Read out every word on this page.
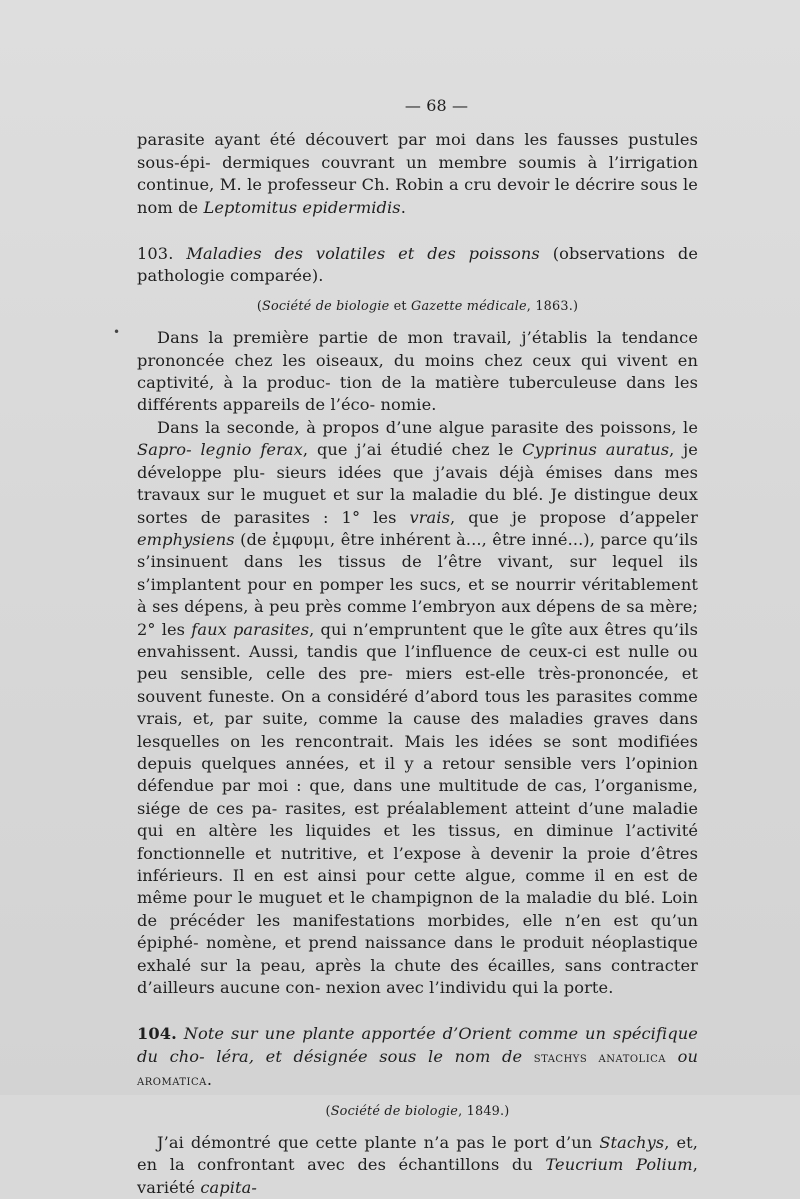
— 68 —

parasite ayant été découvert par moi dans les fausses pustules sous-épi- dermiques couvrant un membre soumis à l’irrigation continue, M. le professeur Ch. Robin a cru devoir le décrire sous le nom de Leptomitus epidermidis.

103. Maladies des volatiles et des poissons (observations de pathologie comparée).

(Société de biologie et Gazette médicale, 1863.)

Dans la première partie de mon travail, j’établis la tendance prononcée chez les oiseaux, du moins chez ceux qui vivent en captivité, à la produc- tion de la matière tuberculeuse dans les différents appareils de l’éco- nomie.

Dans la seconde, à propos d’une algue parasite des poissons, le Sapro- legnio ferax, que j’ai étudié chez le Cyprinus auratus, je développe plu- sieurs idées que j’avais déjà émises dans mes travaux sur le muguet et sur la maladie du blé. Je distingue deux sortes de parasites : 1° les vrais, que je propose d’appeler emphysiens (de ἐμφυμι, être inhérent à..., être inné...), parce qu’ils s’insinuent dans les tissus de l’être vivant, sur lequel ils s’implantent pour en pomper les sucs, et se nourrir véritablement à ses dépens, à peu près comme l’embryon aux dépens de sa mère; 2° les faux parasites, qui n’empruntent que le gîte aux êtres qu’ils envahissent. Aussi, tandis que l’influence de ceux-ci est nulle ou peu sensible, celle des pre- miers est-elle très-prononcée, et souvent funeste. On a considéré d’abord tous les parasites comme vrais, et, par suite, comme la cause des maladies graves dans lesquelles on les rencontrait. Mais les idées se sont modifiées depuis quelques années, et il y a retour sensible vers l’opinion défendue par moi : que, dans une multitude de cas, l’organisme, siége de ces pa- rasites, est préalablement atteint d’une maladie qui en altère les liquides et les tissus, en diminue l’activité fonctionnelle et nutritive, et l’expose à devenir la proie d’êtres inférieurs. Il en est ainsi pour cette algue, comme il en est de même pour le muguet et le champignon de la maladie du blé. Loin de précéder les manifestations morbides, elle n’en est qu’un épiphé- nomène, et prend naissance dans le produit néoplastique exhalé sur la peau, après la chute des écailles, sans contracter d’ailleurs aucune con- nexion avec l’individu qui la porte.

104. Note sur une plante apportée d’Orient comme un spécifique du cho- léra, et désignée sous le nom de stachys anatolica ou aromatica.

(Société de biologie, 1849.)

J’ai démontré que cette plante n’a pas le port d’un Stachys, et, en la confrontant avec des échantillons du Teucrium Polium, variété capita-

•
